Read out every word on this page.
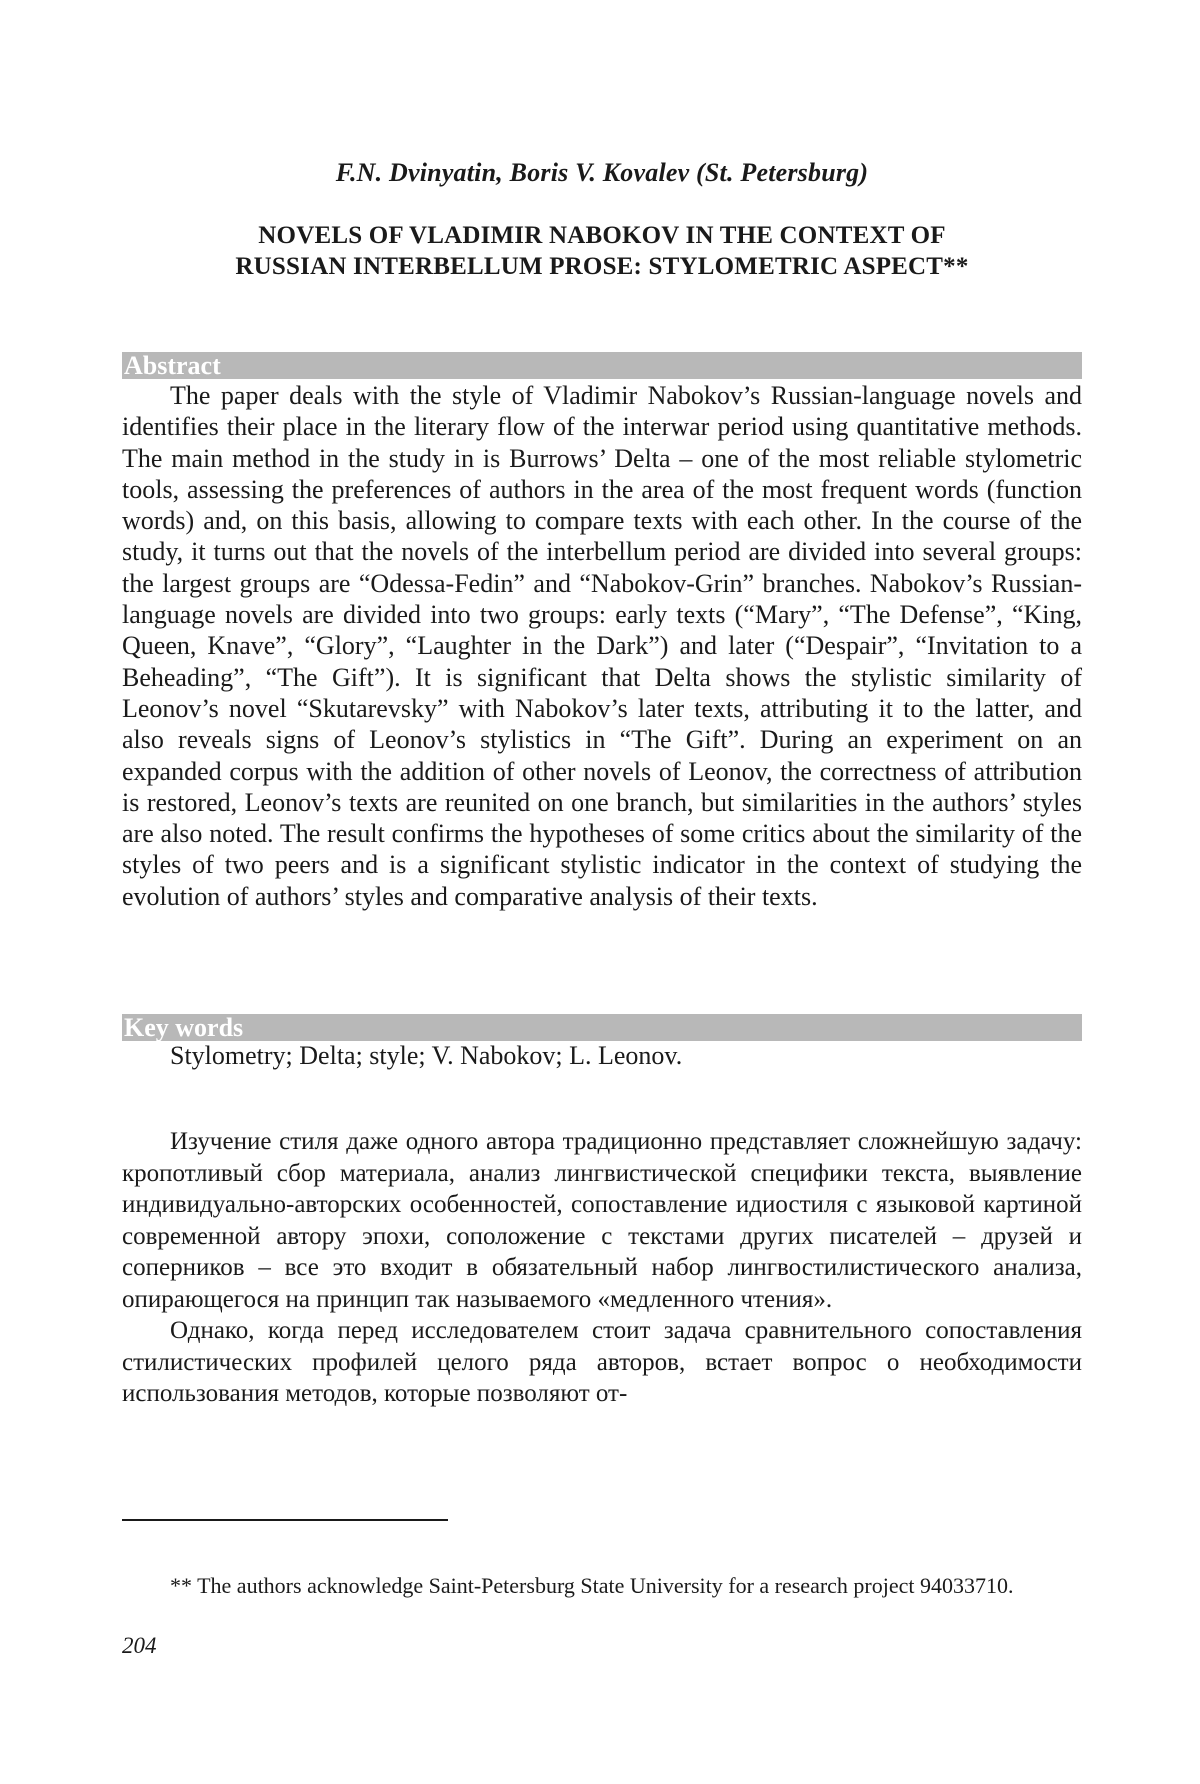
F.N. Dvinyatin, Boris V. Kovalev (St. Petersburg)
NOVELS OF VLADIMIR NABOKOV IN THE CONTEXT OF
RUSSIAN INTERBELLUM PROSE: STYLOMETRIC ASPECT**
Abstract

The paper deals with the style of Vladimir Nabokov’s Russian-language novels and identifies their place in the literary flow of the interwar period using quantitative methods. The main method in the study in is Burrows’ Delta – one of the most reliable stylometric tools, assessing the preferences of authors in the area of the most frequent words (function words) and, on this basis, allowing to compare texts with each other. In the course of the study, it turns out that the novels of the interbellum period are divided into several groups: the largest groups are “Odessa-Fedin” and “Nabokov-Grin” branches. Nabokov’s Russian-language novels are divided into two groups: early texts (“Mary”, “The Defense”, “King, Queen, Knave”, “Glory”, “Laughter in the Dark”) and later (“Despair”, “Invitation to a Beheading”, “The Gift”). It is significant that Delta shows the stylistic similarity of Leonov’s novel “Skutarevsky” with Nabokov’s later texts, attributing it to the latter, and also reveals signs of Leonov’s stylistics in “The Gift”. During an experiment on an expanded corpus with the addition of other novels of Leonov, the correctness of attribution is restored, Leonov’s texts are reunited on one branch, but similarities in the authors’ styles are also noted. The result confirms the hypotheses of some critics about the similarity of the styles of two peers and is a significant stylistic indicator in the context of studying the evolution of authors’ styles and comparative analysis of their texts.

Key words

Stylometry; Delta; style; V. Nabokov; L. Leonov.

Изучение стиля даже одного автора традиционно представляет сложнейшую задачу: кропотливый сбор материала, анализ лингвистической специфики текста, выявление индивидуально-авторских особенностей, сопоставление идиостиля с языковой картиной современной автору эпохи, соположение с текстами других писателей – друзей и соперников – все это входит в обязательный набор лингвостилистического анализа, опирающегося на принцип так называемого «медленного чтения».

Однако, когда перед исследователем стоит задача сравнительного сопоставления стилистических профилей целого ряда авторов, встает вопрос о необходимости использования методов, которые позволяют от-

** The authors acknowledge Saint-Petersburg State University for a research project 94033710.

204
